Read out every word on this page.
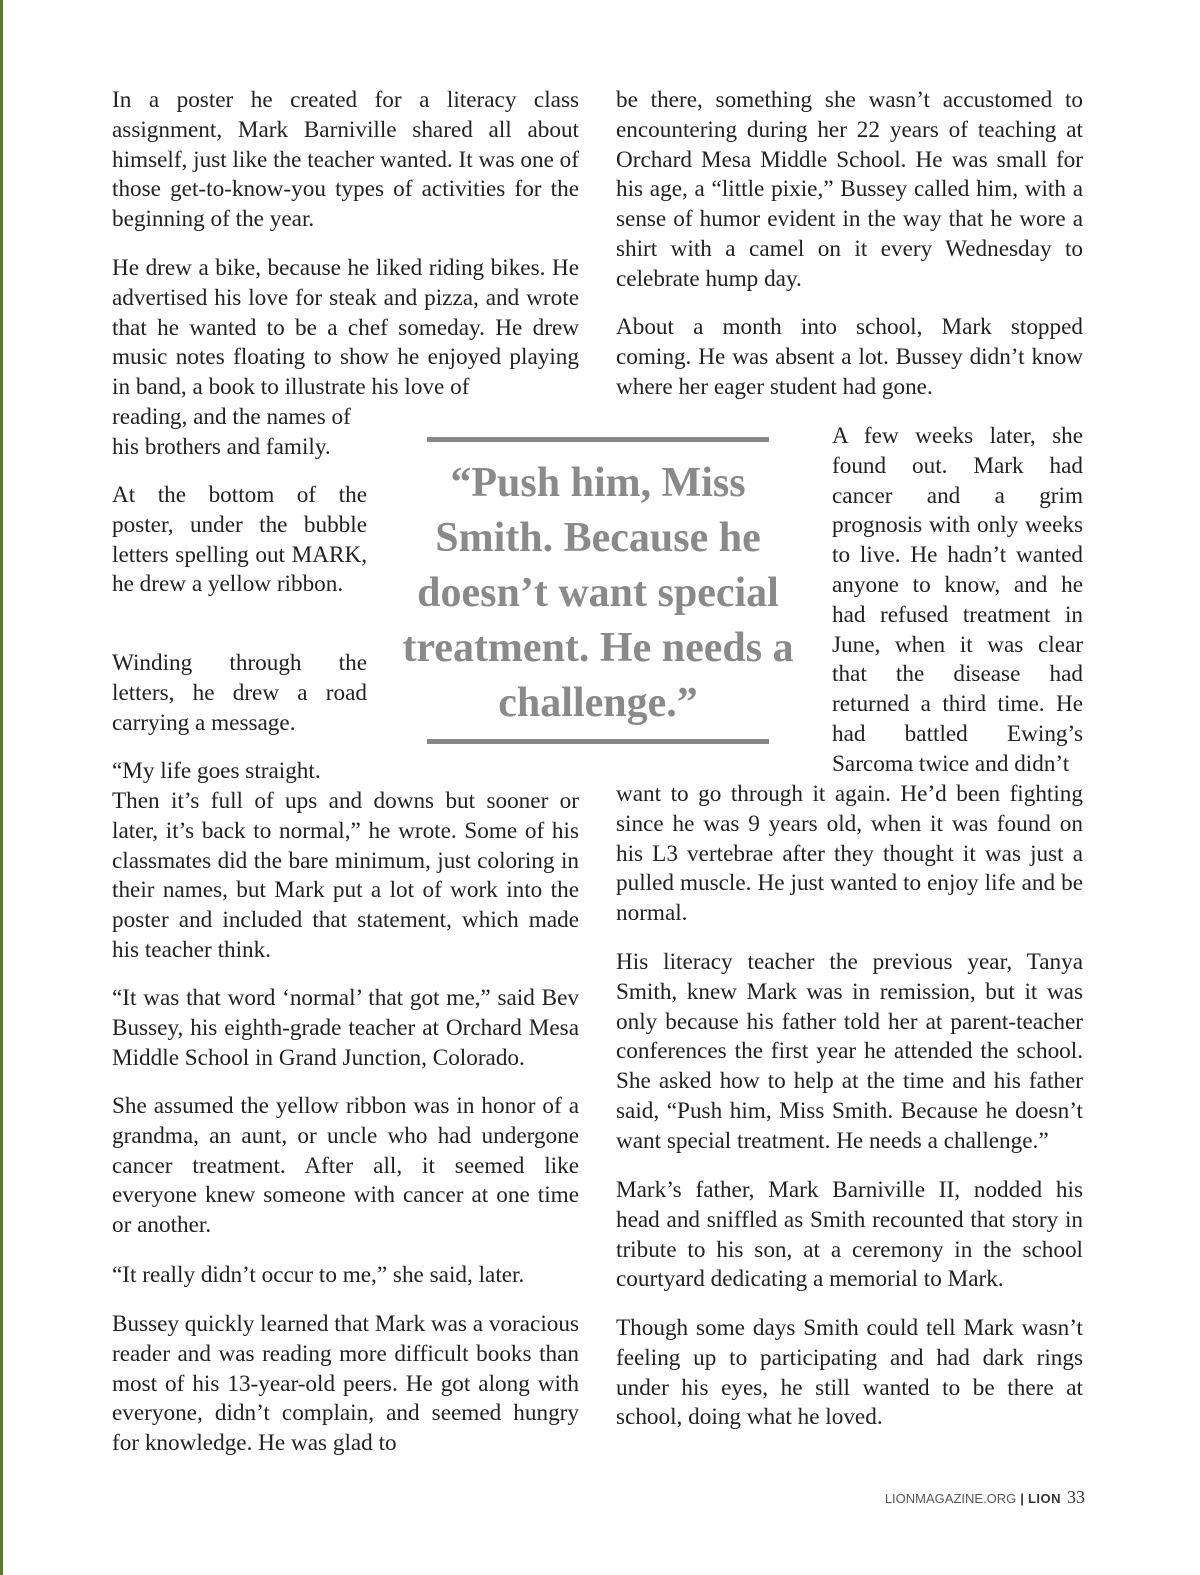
In a poster he created for a literacy class assignment, Mark Barniville shared all about himself, just like the teacher wanted. It was one of those get-to-know-you types of activities for the beginning of the year.

He drew a bike, because he liked riding bikes. He advertised his love for steak and pizza, and wrote that he wanted to be a chef someday. He drew music notes floating to show he enjoyed playing in band, a book to illustrate his love of

reading, and the names of his brothers and family.

At the bottom of the poster, under the bubble letters spelling out MARK, he drew a yellow ribbon.

Winding through the letters, he drew a road carrying a message.

“My life goes straight.

Then it’s full of ups and downs but sooner or later, it’s back to normal,” he wrote. Some of his classmates did the bare minimum, just coloring in their names, but Mark put a lot of work into the poster and included that statement, which made his teacher think.

“It was that word ‘normal’ that got me,” said Bev Bussey, his eighth-grade teacher at Orchard Mesa Middle School in Grand Junction, Colorado.

She assumed the yellow ribbon was in honor of a grandma, an aunt, or uncle who had undergone cancer treatment. After all, it seemed like everyone knew someone with cancer at one time or another.

“It really didn’t occur to me,” she said, later.

Bussey quickly learned that Mark was a voracious reader and was reading more difficult books than most of his 13-year-old peers. He got along with everyone, didn’t complain, and seemed hungry for knowledge. He was glad to

be there, something she wasn’t accustomed to encountering during her 22 years of teaching at Orchard Mesa Middle School. He was small for his age, a “little pixie,” Bussey called him, with a sense of humor evident in the way that he wore a shirt with a camel on it every Wednesday to celebrate hump day.

About a month into school, Mark stopped coming. He was absent a lot. Bussey didn’t know where her eager student had gone.

A few weeks later, she found out. Mark had cancer and a grim prognosis with only weeks to live. He hadn’t wanted anyone to know, and he had refused treatment in June, when it was clear that the disease had returned a third time. He had battled Ewing’s Sarcoma twice and didn’t

want to go through it again. He’d been fighting since he was 9 years old, when it was found on his L3 vertebrae after they thought it was just a pulled muscle. He just wanted to enjoy life and be normal.

His literacy teacher the previous year, Tanya Smith, knew Mark was in remission, but it was only because his father told her at parent-teacher conferences the first year he attended the school. She asked how to help at the time and his father said, “Push him, Miss Smith. Because he doesn’t want special treatment. He needs a challenge.”

Mark’s father, Mark Barniville II, nodded his head and sniffled as Smith recounted that story in tribute to his son, at a ceremony in the school courtyard dedicating a memorial to Mark.

Though some days Smith could tell Mark wasn’t feeling up to participating and had dark rings under his eyes, he still wanted to be there at school, doing what he loved.

“Push him, Miss Smith. Because he doesn’t want special treatment. He needs a challenge.”

LIONMAGAZINE.ORG | LION 33
